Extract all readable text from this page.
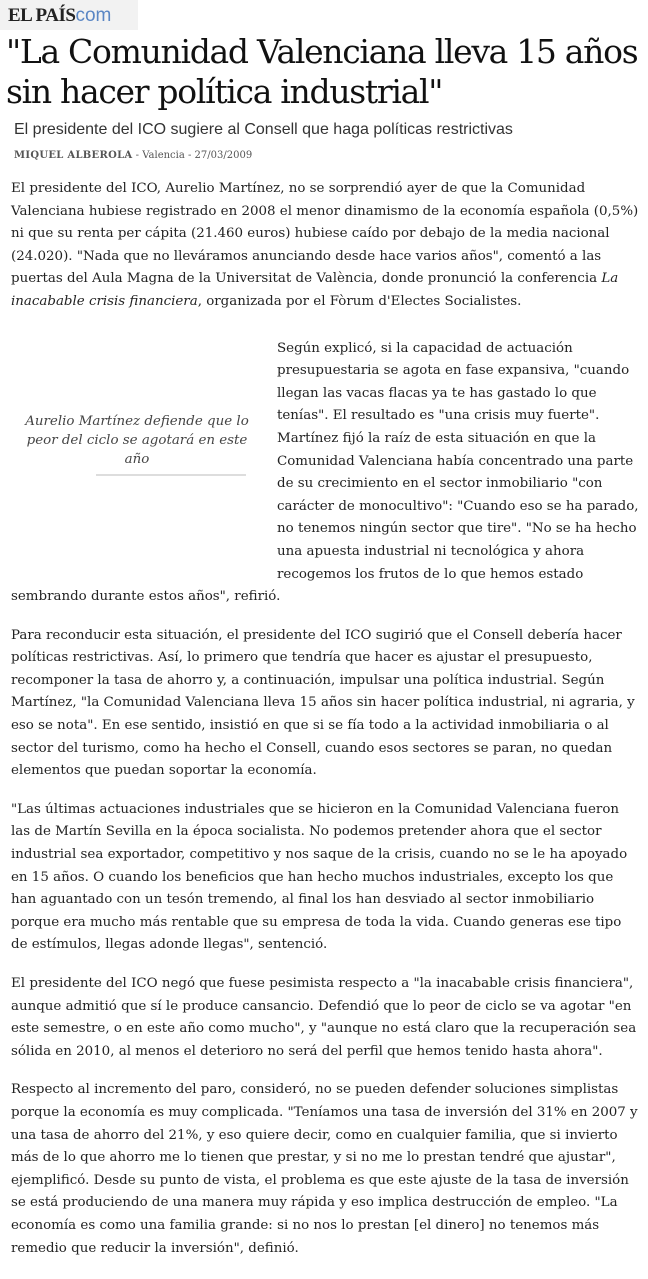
EL PAÍScom
"La Comunidad Valenciana lleva 15 años sin hacer política industrial"

El presidente del ICO sugiere al Consell que haga políticas restrictivas

MIQUEL ALBEROLA - Valencia - 27/03/2009

El presidente del ICO, Aurelio Martínez, no se sorprendió ayer de que la Comunidad Valenciana hubiese registrado en 2008 el menor dinamismo de la economía española (0,5%) ni que su renta per cápita (21.460 euros) hubiese caído por debajo de la media nacional (24.020). "Nada que no lleváramos anunciando desde hace varios años", comentó a las puertas del Aula Magna de la Universitat de València, donde pronunció la conferencia La inacabable crisis financiera, organizada por el Fòrum d'Electes Socialistes.

Aurelio Martínez defiende que lo peor del ciclo se agotará en este año

Según explicó, si la capacidad de actuación presupuestaria se agota en fase expansiva, "cuando llegan las vacas flacas ya te has gastado lo que tenías". El resultado es "una crisis muy fuerte". Martínez fijó la raíz de esta situación en que la Comunidad Valenciana había concentrado una parte de su crecimiento en el sector inmobiliario "con carácter de monocultivo": "Cuando eso se ha parado, no tenemos ningún sector que tire". "No se ha hecho una apuesta industrial ni tecnológica y ahora recogemos los frutos de lo que hemos estado sembrando durante estos años", refirió.

Para reconducir esta situación, el presidente del ICO sugirió que el Consell debería hacer políticas restrictivas. Así, lo primero que tendría que hacer es ajustar el presupuesto, recomponer la tasa de ahorro y, a continuación, impulsar una política industrial. Según Martínez, "la Comunidad Valenciana lleva 15 años sin hacer política industrial, ni agraria, y eso se nota". En ese sentido, insistió en que si se fía todo a la actividad inmobiliaria o al sector del turismo, como ha hecho el Consell, cuando esos sectores se paran, no quedan elementos que puedan soportar la economía.

"Las últimas actuaciones industriales que se hicieron en la Comunidad Valenciana fueron las de Martín Sevilla en la época socialista. No podemos pretender ahora que el sector industrial sea exportador, competitivo y nos saque de la crisis, cuando no se le ha apoyado en 15 años. O cuando los beneficios que han hecho muchos industriales, excepto los que han aguantado con un tesón tremendo, al final los han desviado al sector inmobiliario porque era mucho más rentable que su empresa de toda la vida. Cuando generas ese tipo de estímulos, llegas adonde llegas", sentenció.

El presidente del ICO negó que fuese pesimista respecto a "la inacabable crisis financiera", aunque admitió que sí le produce cansancio. Defendió que lo peor de ciclo se va agotar "en este semestre, o en este año como mucho", y "aunque no está claro que la recuperación sea sólida en 2010, al menos el deterioro no será del perfil que hemos tenido hasta ahora".

Respecto al incremento del paro, consideró, no se pueden defender soluciones simplistas porque la economía es muy complicada. "Teníamos una tasa de inversión del 31% en 2007 y una tasa de ahorro del 21%, y eso quiere decir, como en cualquier familia, que si invierto más de lo que ahorro me lo tienen que prestar, y si no me lo prestan tendré que ajustar", ejemplificó. Desde su punto de vista, el problema es que este ajuste de la tasa de inversión se está produciendo de una manera muy rápida y eso implica destrucción de empleo. "La economía es como una familia grande: si no nos lo prestan [el dinero] no tenemos más remedio que reducir la inversión", definió.
